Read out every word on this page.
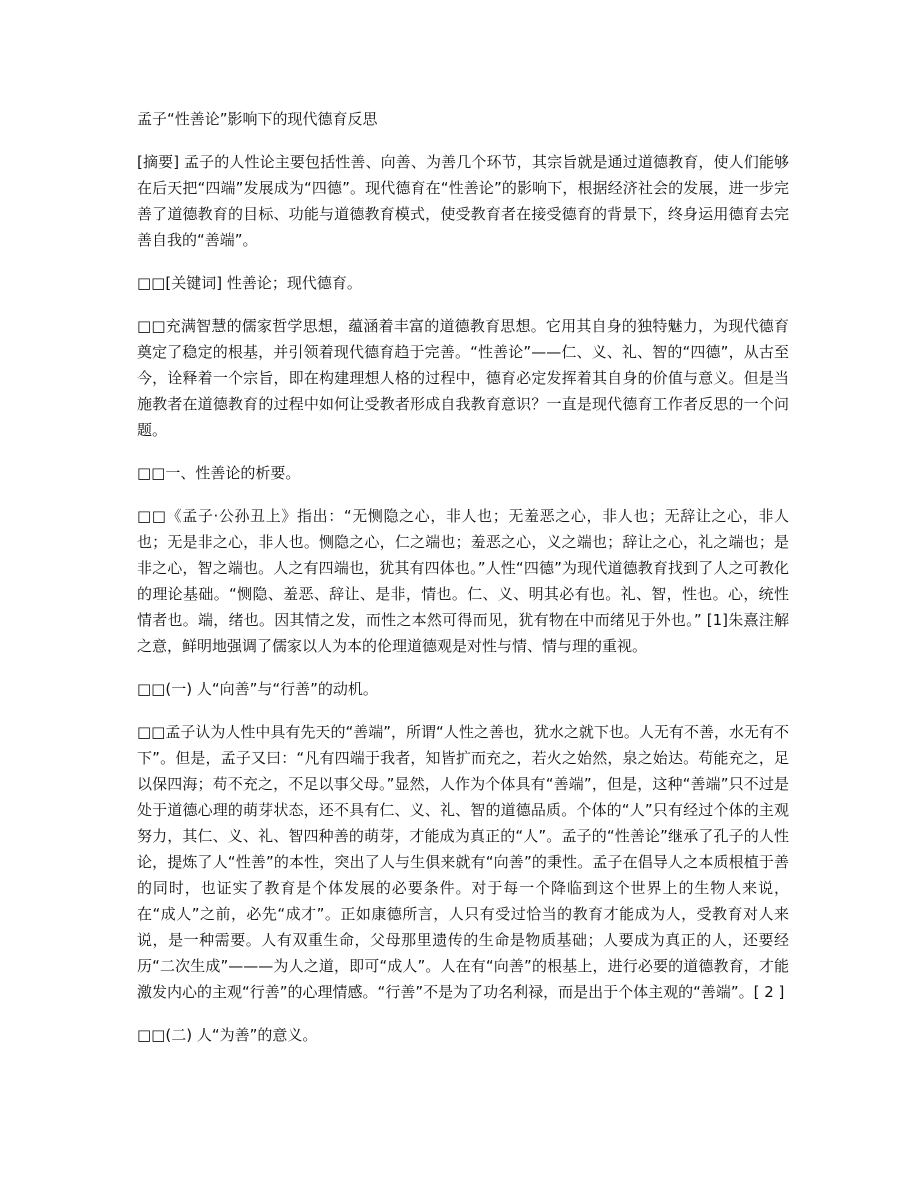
孟子“性善论”影响下的现代德育反思

[摘要] 孟子的人性论主要包括性善、向善、为善几个环节，其宗旨就是通过道德教育，使人们能够在后天把“四端”发展成为“四德”。现代德育在“性善论”的影响下，根据经济社会的发展，进一步完善了道德教育的目标、功能与道德教育模式，使受教育者在接受德育的背景下，终身运用德育去完善自我的“善端”。

□□[关键词] 性善论；现代德育。

□□充满智慧的儒家哲学思想，蕴涵着丰富的道德教育思想。它用其自身的独特魅力，为现代德育奠定了稳定的根基，并引领着现代德育趋于完善。“性善论”——仁、义、礼、智的“四德”，从古至今，诠释着一个宗旨，即在构建理想人格的过程中，德育必定发挥着其自身的价值与意义。但是当施教者在道德教育的过程中如何让受教者形成自我教育意识？一直是现代德育工作者反思的一个问题。

□□一、性善论的析要。

□□《孟子·公孙丑上》指出：“无恻隐之心，非人也；无羞恶之心，非人也；无辞让之心，非人也；无是非之心，非人也。恻隐之心，仁之端也；羞恶之心，义之端也；辞让之心，礼之端也；是非之心，智之端也。人之有四端也，犹其有四体也。”人性“四德”为现代道德教育找到了人之可教化的理论基础。“恻隐、羞恶、辞让、是非，情也。仁、义、明其必有也。礼、智，性也。心，统性情者也。端，绪也。因其情之发，而性之本然可得而见，犹有物在中而绪见于外也。” [1]朱熹注解之意，鲜明地强调了儒家以人为本的伦理道德观是对性与情、情与理的重视。

□□(一) 人“向善”与“行善”的动机。

□□孟子认为人性中具有先天的“善端”，所谓“人性之善也，犹水之就下也。人无有不善，水无有不下”。但是，孟子又曰：“凡有四端于我者，知皆扩而充之，若火之始然，泉之始达。苟能充之，足以保四海；苟不充之，不足以事父母。”显然，人作为个体具有“善端”，但是，这种“善端”只不过是处于道德心理的萌芽状态，还不具有仁、义、礼、智的道德品质。个体的“人”只有经过个体的主观努力，其仁、义、礼、智四种善的萌芽，才能成为真正的“人”。孟子的“性善论”继承了孔子的人性论，提炼了人“性善”的本性，突出了人与生俱来就有“向善”的秉性。孟子在倡导人之本质根植于善的同时，也证实了教育是个体发展的必要条件。对于每一个降临到这个世界上的生物人来说，在“成人”之前，必先“成才”。正如康德所言，人只有受过恰当的教育才能成为人，受教育对人来说，是一种需要。人有双重生命，父母那里遗传的生命是物质基础；人要成为真正的人，还要经历“二次生成”———为人之道，即可“成人”。人在有“向善”的根基上，进行必要的道德教育，才能激发内心的主观“行善”的心理情感。“行善”不是为了功名利禄，而是出于个体主观的“善端”。[ 2 ]

□□(二) 人“为善”的意义。
